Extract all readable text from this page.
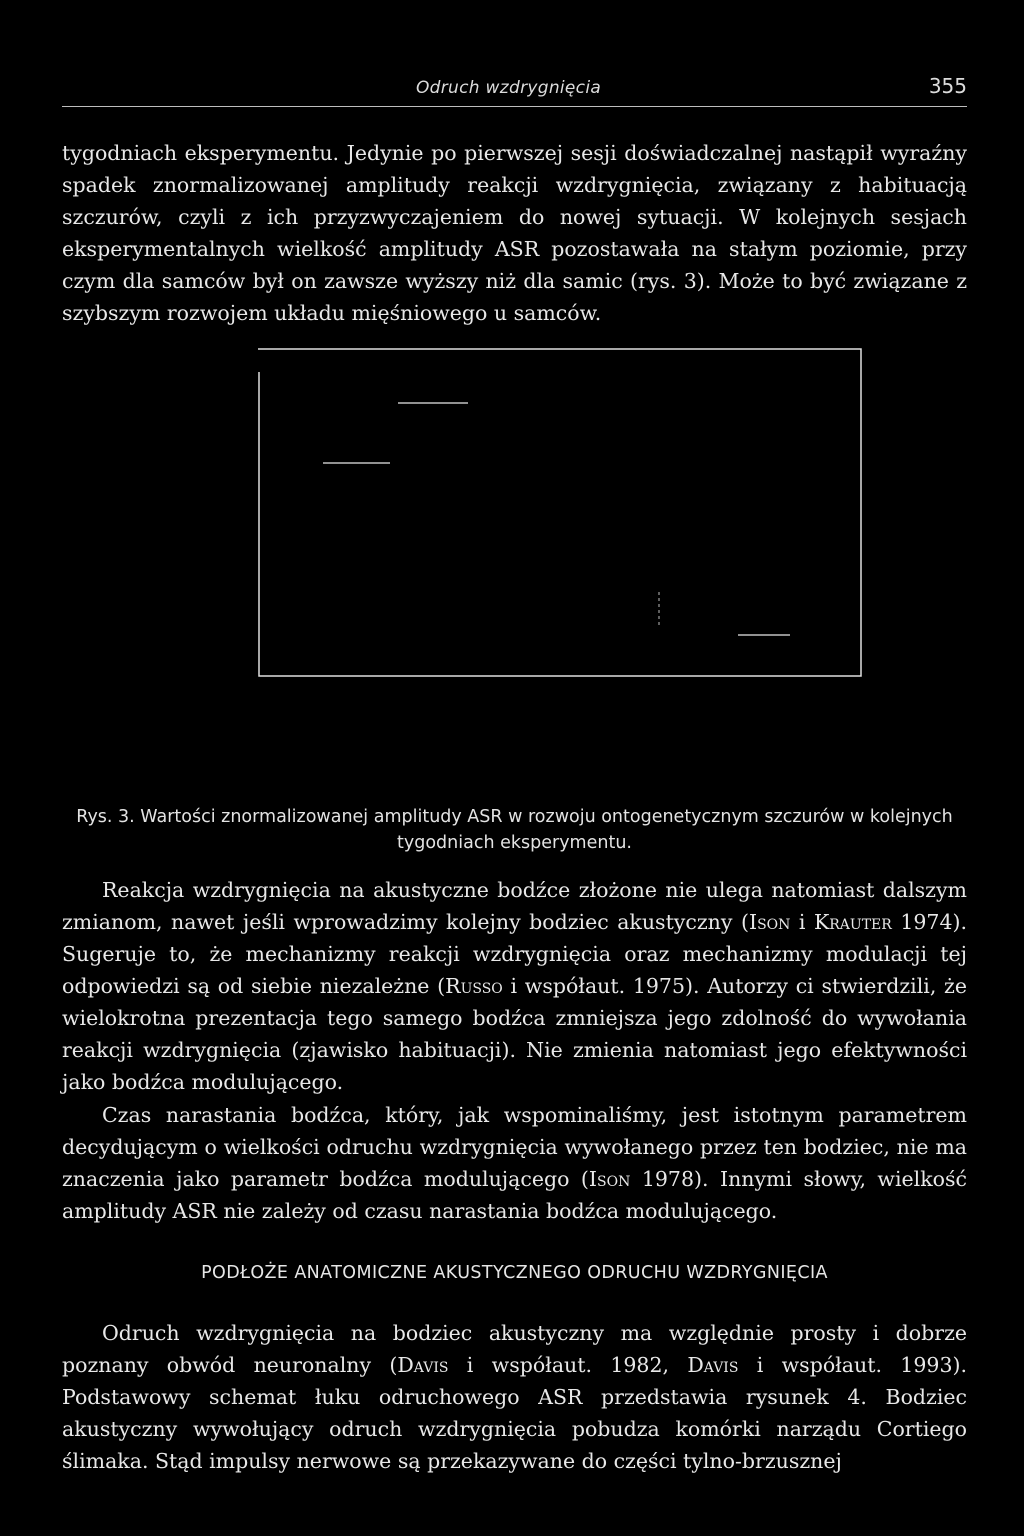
Odruch wzdrygnięcia	355

tygodniach eksperymentu. Jedynie po pierwszej sesji doświadczalnej nastąpił wyraźny spadek znormalizowanej amplitudy reakcji wzdrygnięcia, związany z habituacją szczurów, czyli z ich przyzwyczajeniem do nowej sytuacji. W kolejnych sesjach eksperymentalnych wielkość amplitudy ASR pozostawała na stałym poziomie, przy czym dla samców był on zawsze wyższy niż dla samic (rys. 3). Może to być związane z szybszym rozwojem układu mięśniowego u samców.

Rys. 3. Wartości znormalizowanej amplitudy ASR w rozwoju ontogenetycznym szczurów w kolejnych tygodniach eksperymentu.

Reakcja wzdrygnięcia na akustyczne bodźce złożone nie ulega natomiast dalszym zmianom, nawet jeśli wprowadzimy kolejny bodziec akustyczny (Ison i Krauter 1974). Sugeruje to, że mechanizmy reakcji wzdrygnięcia oraz mechanizmy modulacji tej odpowiedzi są od siebie niezależne (Russo i współaut. 1975). Autorzy ci stwierdzili, że wielokrotna prezentacja tego samego bodźca zmniejsza jego zdolność do wywołania reakcji wzdrygnięcia (zjawisko habituacji). Nie zmienia natomiast jego efektywności jako bodźca modulującego.

Czas narastania bodźca, który, jak wspominaliśmy, jest istotnym parametrem decydującym o wielkości odruchu wzdrygnięcia wywołanego przez ten bodziec, nie ma znaczenia jako parametr bodźca modulującego (Ison 1978). Innymi słowy, wielkość amplitudy ASR nie zależy od czasu narastania bodźca modulującego.

PODŁOŻE ANATOMICZNE AKUSTYCZNEGO ODRUCHU WZDRYGNIĘCIA

Odruch wzdrygnięcia na bodziec akustyczny ma względnie prosty i dobrze poznany obwód neuronalny (Davis i współaut. 1982, Davis i współaut. 1993). Podstawowy schemat łuku odruchowego ASR przedstawia rysunek 4. Bodziec akustyczny wywołujący odruch wzdrygnięcia pobudza komórki narządu Cortiego ślimaka. Stąd impulsy nerwowe są przekazywane do części tylno-brzusznej
